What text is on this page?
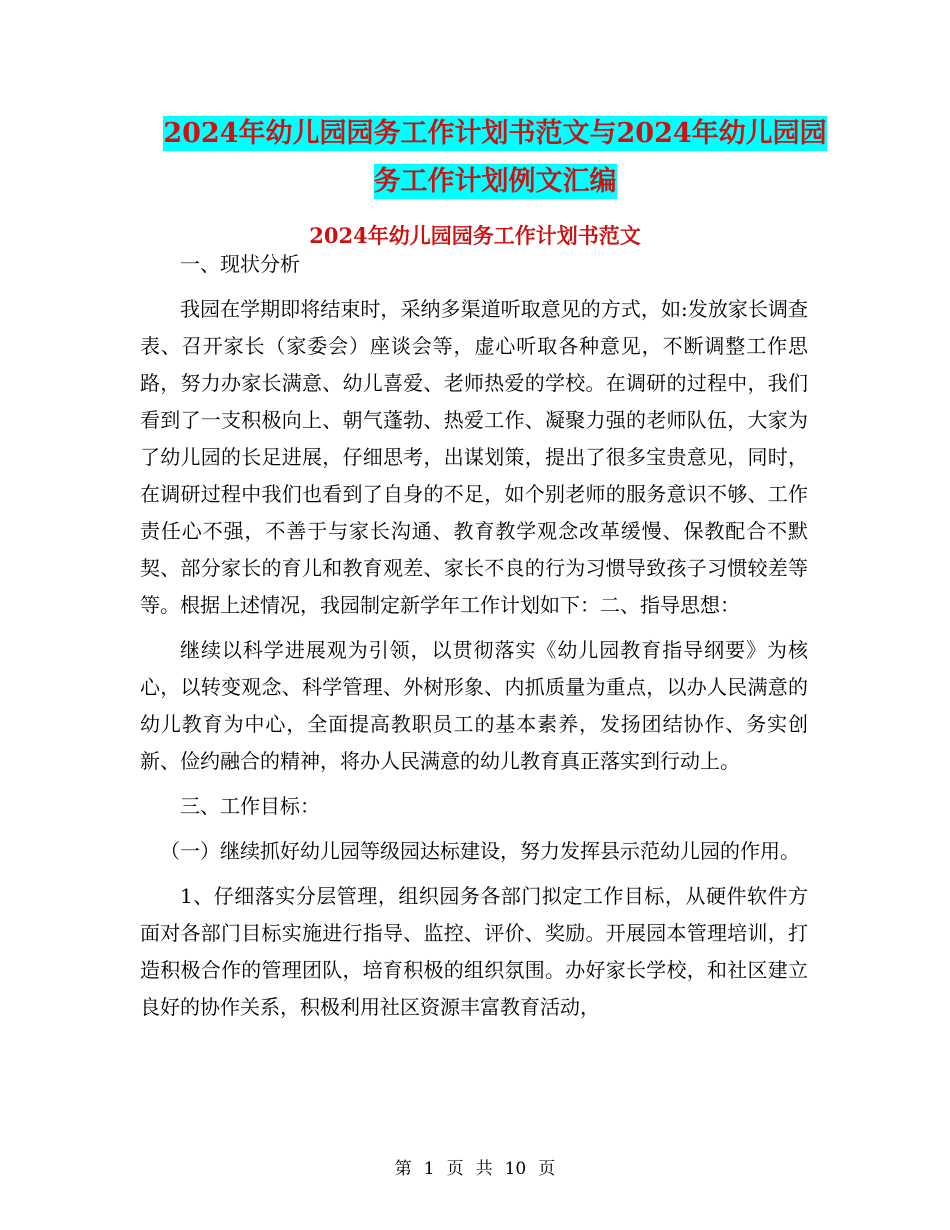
2024年幼儿园园务工作计划书范文与2024年幼儿园园
务工作计划例文汇编
2024年幼儿园园务工作计划书范文

一、现状分析

我园在学期即将结束时，采纳多渠道听取意见的方式，如:发放家长调查表、召开家长（家委会）座谈会等，虚心听取各种意见，不断调整工作思路，努力办家长满意、幼儿喜爱、老师热爱的学校。在调研的过程中，我们看到了一支积极向上、朝气蓬勃、热爱工作、凝聚力强的老师队伍，大家为了幼儿园的长足进展，仔细思考，出谋划策，提出了很多宝贵意见，同时，在调研过程中我们也看到了自身的不足，如个别老师的服务意识不够、工作责任心不强，不善于与家长沟通、教育教学观念改革缓慢、保教配合不默契、部分家长的育儿和教育观差、家长不良的行为习惯导致孩子习惯较差等等。根据上述情况，我园制定新学年工作计划如下：二、指导思想：

继续以科学进展观为引领，以贯彻落实《幼儿园教育指导纲要》为核心，以转变观念、科学管理、外树形象、内抓质量为重点，以办人民满意的幼儿教育为中心，全面提高教职员工的基本素养，发扬团结协作、务实创新、俭约融合的精神，将办人民满意的幼儿教育真正落实到行动上。

三、工作目标：

（一）继续抓好幼儿园等级园达标建设，努力发挥县示范幼儿园的作用。

1、仔细落实分层管理，组织园务各部门拟定工作目标，从硬件软件方面对各部门目标实施进行指导、监控、评价、奖励。开展园本管理培训，打造积极合作的管理团队，培育积极的组织氛围。办好家长学校，和社区建立良好的协作关系，积极利用社区资源丰富教育活动，

第 1 页 共 10 页
